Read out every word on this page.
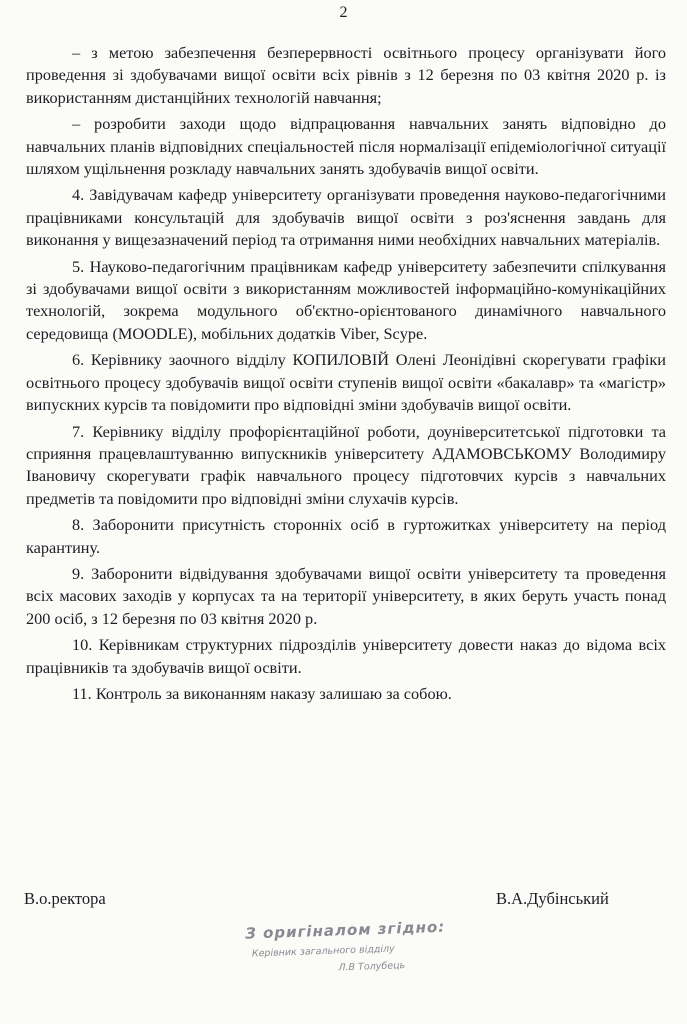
2

– з метою забезпечення безперервності освітнього процесу організувати його проведення зі здобувачами вищої освіти всіх рівнів з 12 березня по 03 квітня 2020 р. із використанням дистанційних технологій навчання;

– розробити заходи щодо відпрацювання навчальних занять відповідно до навчальних планів відповідних спеціальностей після нормалізації епідеміологічної ситуації шляхом ущільнення розкладу навчальних занять здобувачів вищої освіти.

4. Завідувачам кафедр університету організувати проведення науково-педагогічними працівниками консультацій для здобувачів вищої освіти з роз'яснення завдань для виконання у вищезазначений період та отримання ними необхідних навчальних матеріалів.

5. Науково-педагогічним працівникам кафедр університету забезпечити спілкування зі здобувачами вищої освіти з використанням можливостей інформаційно-комунікаційних технологій, зокрема модульного об'єктно-орієнтованого динамічного навчального середовища (MOODLE), мобільних додатків Viber, Scype.

6. Керівнику заочного відділу КОПИЛОВІЙ Олені Леонідівні скорегувати графіки освітнього процесу здобувачів вищої освіти ступенів вищої освіти «бакалавр» та «магістр» випускних курсів та повідомити про відповідні зміни здобувачів вищої освіти.

7. Керівнику відділу профорієнтаційної роботи, доуніверситетської підготовки та сприяння працевлаштуванню випускників університету АДАМОВСЬКОМУ Володимиру Івановичу скорегувати графік навчального процесу підготовчих курсів з навчальних предметів та повідомити про відповідні зміни слухачів курсів.

8. Заборонити присутність сторонніх осіб в гуртожитках університету на період карантину.

9. Заборонити відвідування здобувачами вищої освіти університету та проведення всіх масових заходів у корпусах та на території університету, в яких беруть участь понад 200 осіб, з 12 березня по 03 квітня 2020 р.

10. Керівникам структурних підрозділів університету довести наказ до відома всіх працівників та здобувачів вищої освіти.

11. Контроль за виконанням наказу залишаю за собою.

В.о.ректора	В.А.Дубінський
З оригіналом згідно:
Керівник загального відділу
Л.В Толубець
